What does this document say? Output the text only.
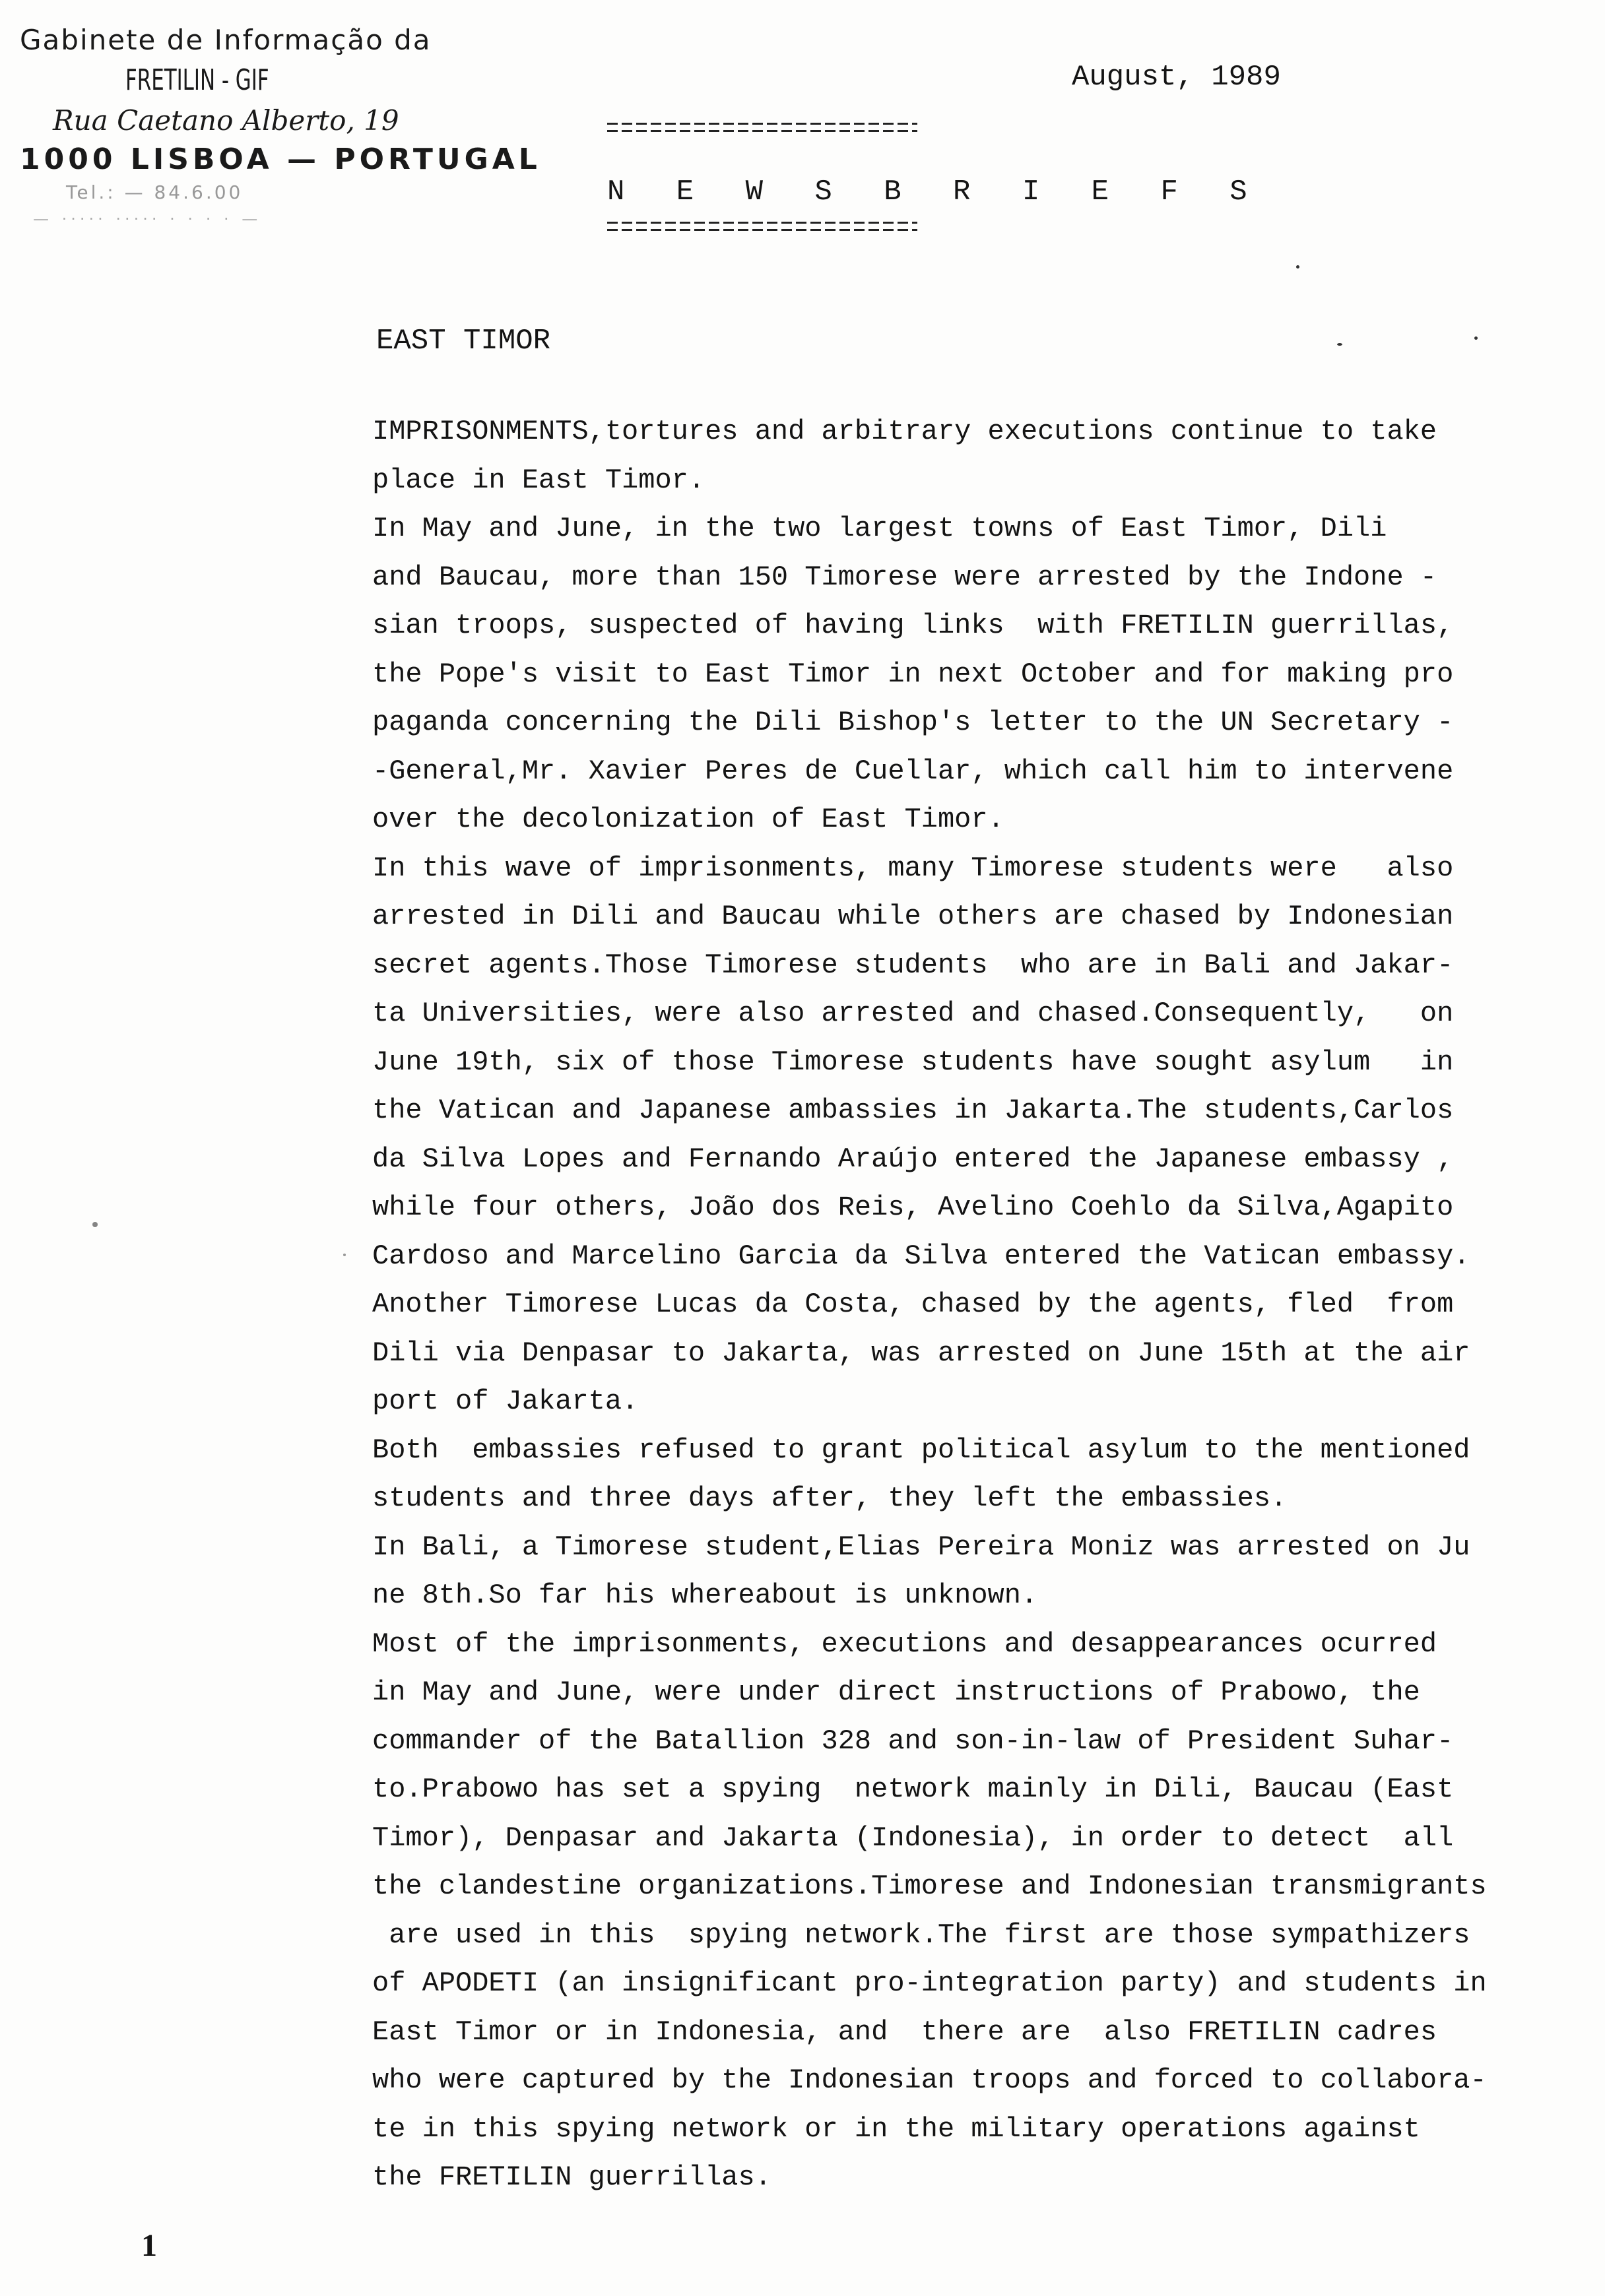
Gabinete de Informação da
FRETILIN - GIF
Rua Caetano Alberto, 19
1000 LISBOA — PORTUGAL
Tel.: — 84.6.00
— ····· ····· · · · · —
August, 1989
N E W S B R I E F S
EAST TIMOR
IMPRISONMENTS,tortures and arbitrary executions continue to take
place in East Timor.
In May and June, in the two largest towns of East Timor, Dili
and Baucau, more than 150 Timorese were arrested by the Indone -
sian troops, suspected of having links  with FRETILIN guerrillas,
the Pope's visit to East Timor in next October and for making pro
paganda concerning the Dili Bishop's letter to the UN Secretary -
-General,Mr. Xavier Peres de Cuellar, which call him to intervene
over the decolonization of East Timor.
In this wave of imprisonments, many Timorese students were   also
arrested in Dili and Baucau while others are chased by Indonesian
secret agents.Those Timorese students  who are in Bali and Jakar-
ta Universities, were also arrested and chased.Consequently,   on
June 19th, six of those Timorese students have sought asylum   in
the Vatican and Japanese ambassies in Jakarta.The students,Carlos
da Silva Lopes and Fernando Araújo entered the Japanese embassy ,
while four others, João dos Reis, Avelino Coehlo da Silva,Agapito
Cardoso and Marcelino Garcia da Silva entered the Vatican embassy.
Another Timorese Lucas da Costa, chased by the agents, fled  from
Dili via Denpasar to Jakarta, was arrested on June 15th at the air
port of Jakarta.
Both  embassies refused to grant political asylum to the mentioned
students and three days after, they left the embassies.
In Bali, a Timorese student,Elias Pereira Moniz was arrested on Ju
ne 8th.So far his whereabout is unknown.
Most of the imprisonments, executions and desappearances ocurred
in May and June, were under direct instructions of Prabowo, the
commander of the Batallion 328 and son-in-law of President Suhar-
to.Prabowo has set a spying  network mainly in Dili, Baucau (East
Timor), Denpasar and Jakarta (Indonesia), in order to detect  all
the clandestine organizations.Timorese and Indonesian transmigrants
are used in this  spying network.The first are those sympathizers
of APODETI (an insignificant pro-integration party) and students in
East Timor or in Indonesia, and  there are  also FRETILIN cadres
who were captured by the Indonesian troops and forced to collabora-
te in this spying network or in the military operations against
the FRETILIN guerrillas.
1
